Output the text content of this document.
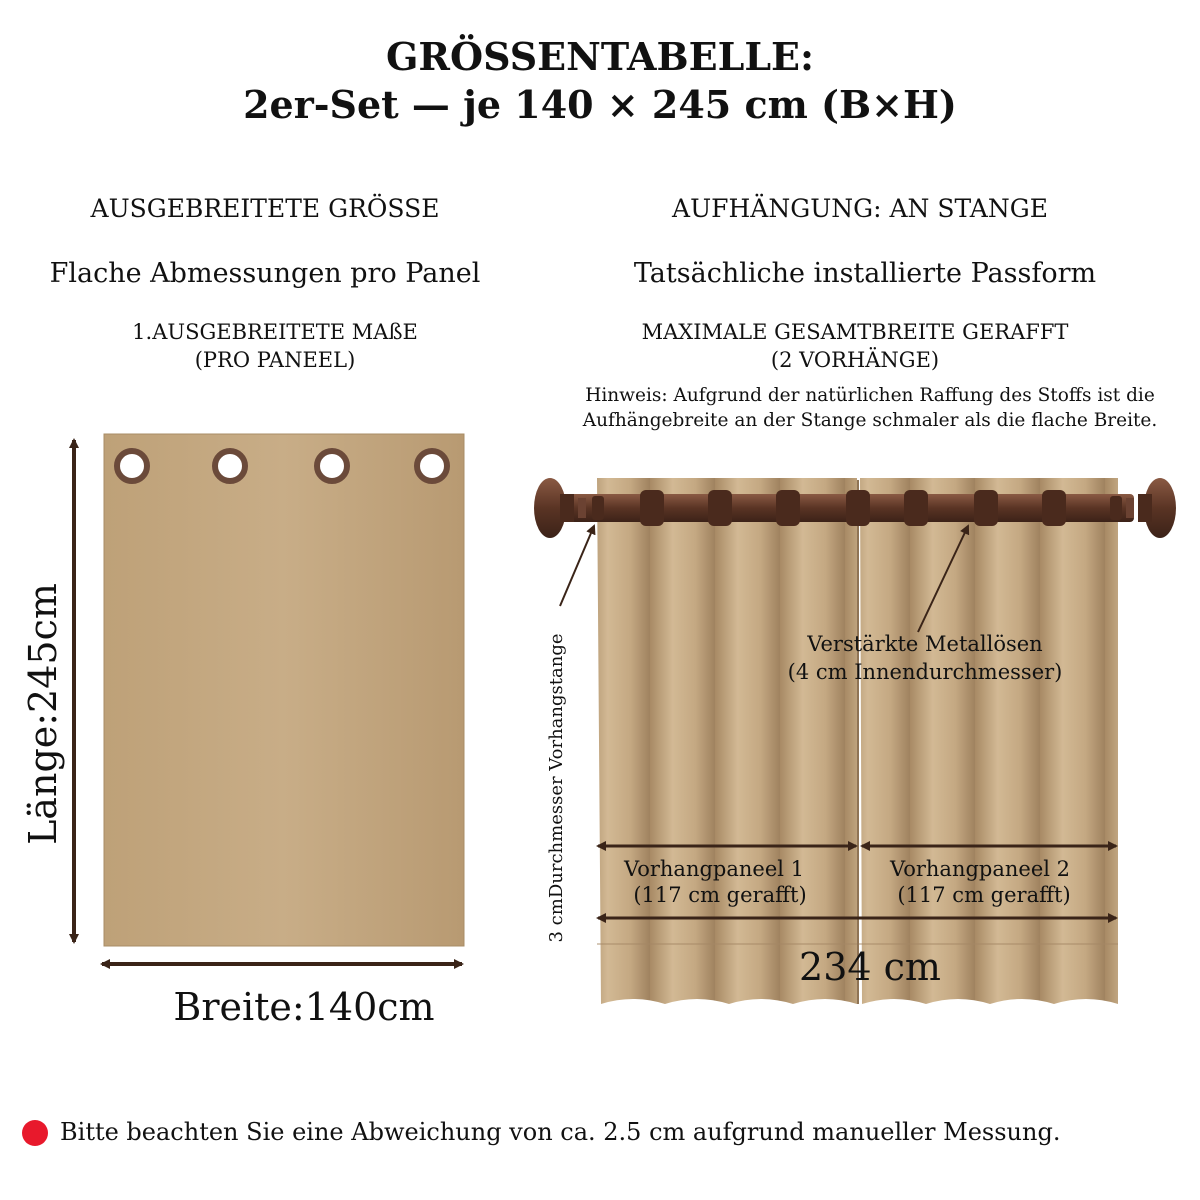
GRÖSSENTABELLE:
2er-Set — je 140 × 245 cm (B×H)
AUSGEBREITETE GRÖSSE
Flache Abmessungen pro Panel
1.AUSGEBREITETE MAßE
(PRO PANEEL)
AUFHÄNGUNG: AN STANGE
Tatsächliche installierte Passform
MAXIMALE GESAMTBREITE GERAFFT
(2 VORHÄNGE)
Hinweis: Aufgrund der natürlichen Raffung des Stoffs ist die
Aufhängebreite an der Stange schmaler als die flache Breite.
Länge:245cm
Breite:140cm
3 cmDurchmesser Vorhangstange	Verstärkte Metallösen
(4 cm Innendurchmesser)
Vorhangpaneel 1
(117 cm gerafft)
Vorhangpaneel 2
(117 cm gerafft)
234 cm
Bitte beachten Sie eine Abweichung von ca. 2.5 cm aufgrund manueller Messung.
